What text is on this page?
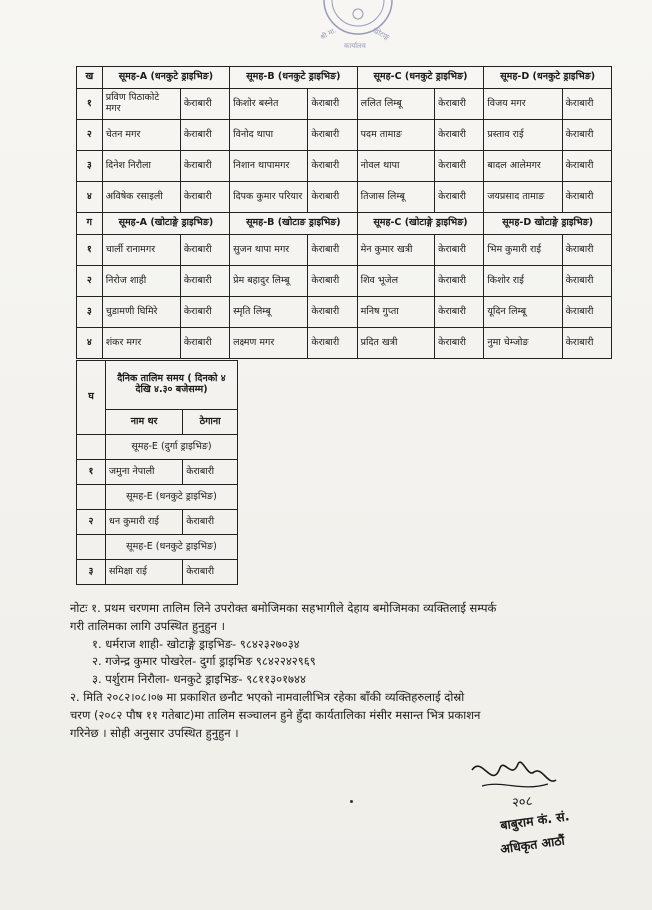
श्री मा.
कार्यालय
खोटाङ्ग
ख	सूमह-A (धनकुटे ड्राइभिङ)		सूमह-B (धनकुटे ड्राइभिङ)		सूमह-C (धनकुटे ड्राइभिङ)		सूमह-D (धनकुटे ड्राइभिङ)	
१	प्रविण पिठाकोटे मगर	केराबारी	किशोर बस्नेत	केराबारी	ललित लिम्बू	केराबारी	विजय मगर	केराबारी
२	चेतन मगर	केराबारी	विनोद थापा	केराबारी	पदम तामाङ	केराबारी	प्रस्ताव राई	केराबारी
३	दिनेश निरौला	केराबारी	निशान थापामगर	केराबारी	नोवल थापा	केराबारी	बादल आलेमगर	केराबारी
४	अविषेक रसाइली	केराबारी	दिपक कुमार परियार	केराबारी	तिजास लिम्बू	केराबारी	जयप्रसाद तामाङ	केराबारी
ग	सूमह-A (खोटाङ्गे ड्राइभिङ)		सूमह-B (खोटाङ ड्राइभिङ)		सूमह-C (खोटाङ्गे ड्राइभिङ)		सूमह-D खोटाङ्गे ड्राइभिङ)	
१	चार्ली रानामगर	केराबारी	सुजन थापा मगर	केराबारी	मेन कुमार खत्री	केराबारी	भिम कुमारी राई	केराबारी
२	निरोज शाही	केराबारी	प्रेम बहादुर लिम्बू	केराबारी	शिव भूजेल	केराबारी	किशोर राई	केराबारी
३	चुडामणी घिमिरे	केराबारी	स्मृति लिम्बू	केराबारी	मनिष गुप्ता	केराबारी	यूदिन लिम्बू	केराबारी
४	शंकर मगर	केराबारी	लक्ष्मण मगर	केराबारी	प्रदित खत्री	केराबारी	नुमा चेम्जोङ	केराबारी
घ	दैनिक तालिम समय ( दिनको ४ देखि ४.३० बजेसम्म)	
	नाम थर	ठेगाना
	सूमह-E (दुर्गा ड्राइभिङ)	
१	जमुना नेपाली	केराबारी
	सूमह-E (धनकुटे ड्राइभिङ)	
२	धन कुमारी राई	केराबारी
	सूमह-E (धनकुटे ड्राइभिङ)	
३	समिक्षा राई	केराबारी

नोटः १. प्रथम चरणमा तालिम लिने उपरोक्त बमोजिमका सहभागीले देहाय बमोजिमका व्यक्तिलाई सम्पर्क

गरी तालिमका लागि उपस्थित हुनुहुन ।

१. धर्मराज शाही- खोटाङ्गे ड्राइभिङ- ९८४२३२७०३४

२. गजेन्द्र कुमार पोखरेल- दुर्गा ड्राइभिङ ९८४२२४२९६९

३. पर्शुराम निरौला- धनकुटे ड्राइभिङ- ९८११३०१७४४

२. मिति २०८२।०८।०७ मा प्रकाशित छनौट भएको नामवालीभित्र रहेका बाँकी व्यक्तिहरुलाई दोस्रो

चरण (२०८२ पौष ११ गतेबाट)मा तालिम सञ्चालन हुने हुँदा कार्यतालिका मंसीर मसान्त भित्र प्रकाशन

गरिनेछ । सोही अनुसार उपस्थित हुनुहुन ।

२०८
बाबुराम कं. सं.
अधिकृत आठौं
